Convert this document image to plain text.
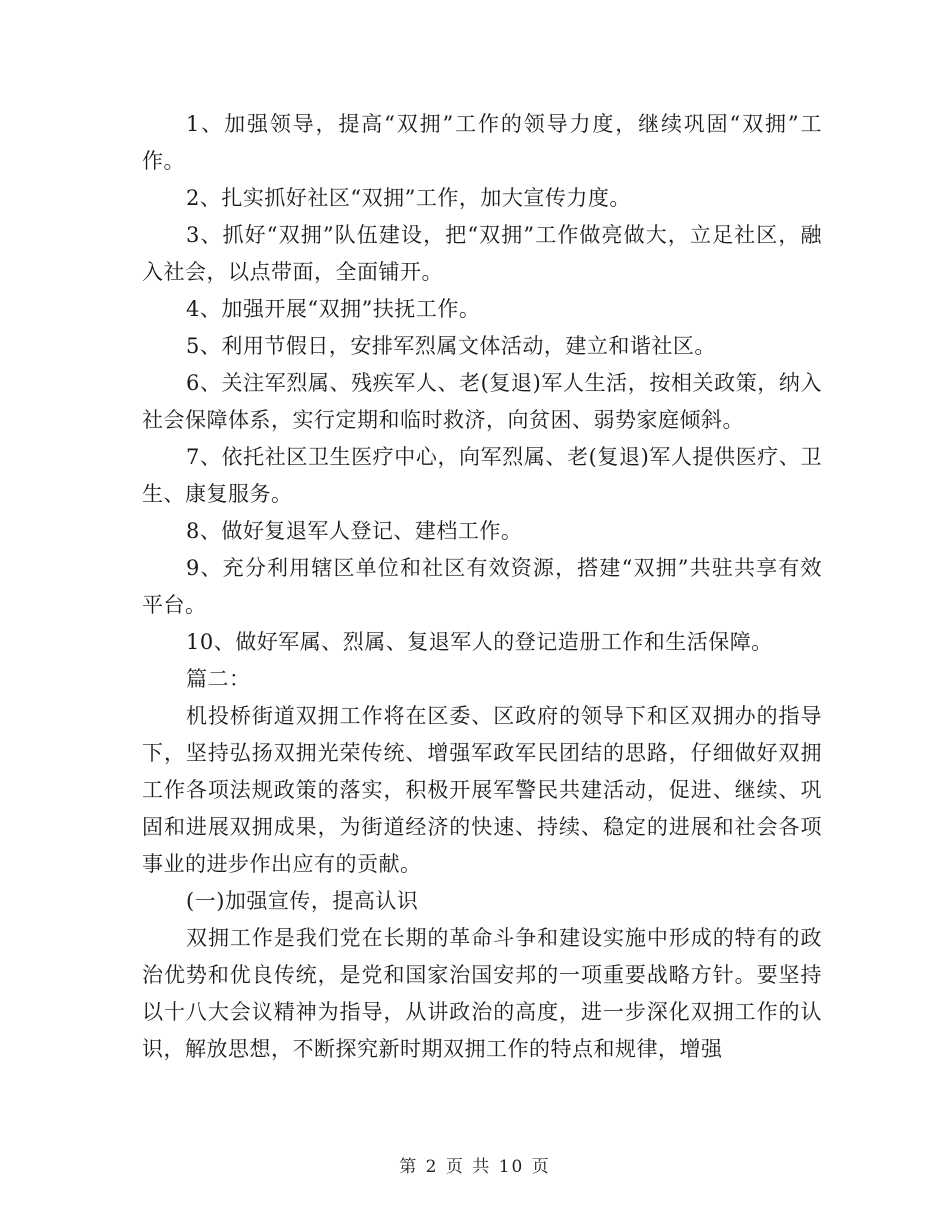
1、加强领导，提高“双拥”工作的领导力度，继续巩固“双拥”工作。

2、扎实抓好社区“双拥”工作，加大宣传力度。

3、抓好“双拥”队伍建设，把“双拥”工作做亮做大，立足社区，融入社会，以点带面，全面铺开。

4、加强开展“双拥”扶抚工作。

5、利用节假日，安排军烈属文体活动，建立和谐社区。

6、关注军烈属、残疾军人、老(复退)军人生活，按相关政策，纳入社会保障体系，实行定期和临时救济，向贫困、弱势家庭倾斜。

7、依托社区卫生医疗中心，向军烈属、老(复退)军人提供医疗、卫生、康复服务。

8、做好复退军人登记、建档工作。

9、充分利用辖区单位和社区有效资源，搭建“双拥”共驻共享有效平台。

10、做好军属、烈属、复退军人的登记造册工作和生活保障。

篇二：

机投桥街道双拥工作将在区委、区政府的领导下和区双拥办的指导下，坚持弘扬双拥光荣传统、增强军政军民团结的思路，仔细做好双拥工作各项法规政策的落实，积极开展军警民共建活动，促进、继续、巩固和进展双拥成果，为街道经济的快速、持续、稳定的进展和社会各项事业的进步作出应有的贡献。

(一)加强宣传，提高认识

双拥工作是我们党在长期的革命斗争和建设实施中形成的特有的政治优势和优良传统，是党和国家治国安邦的一项重要战略方针。要坚持以十八大会议精神为指导，从讲政治的高度，进一步深化双拥工作的认识，解放思想，不断探究新时期双拥工作的特点和规律，增强

第 2 页 共 10 页
